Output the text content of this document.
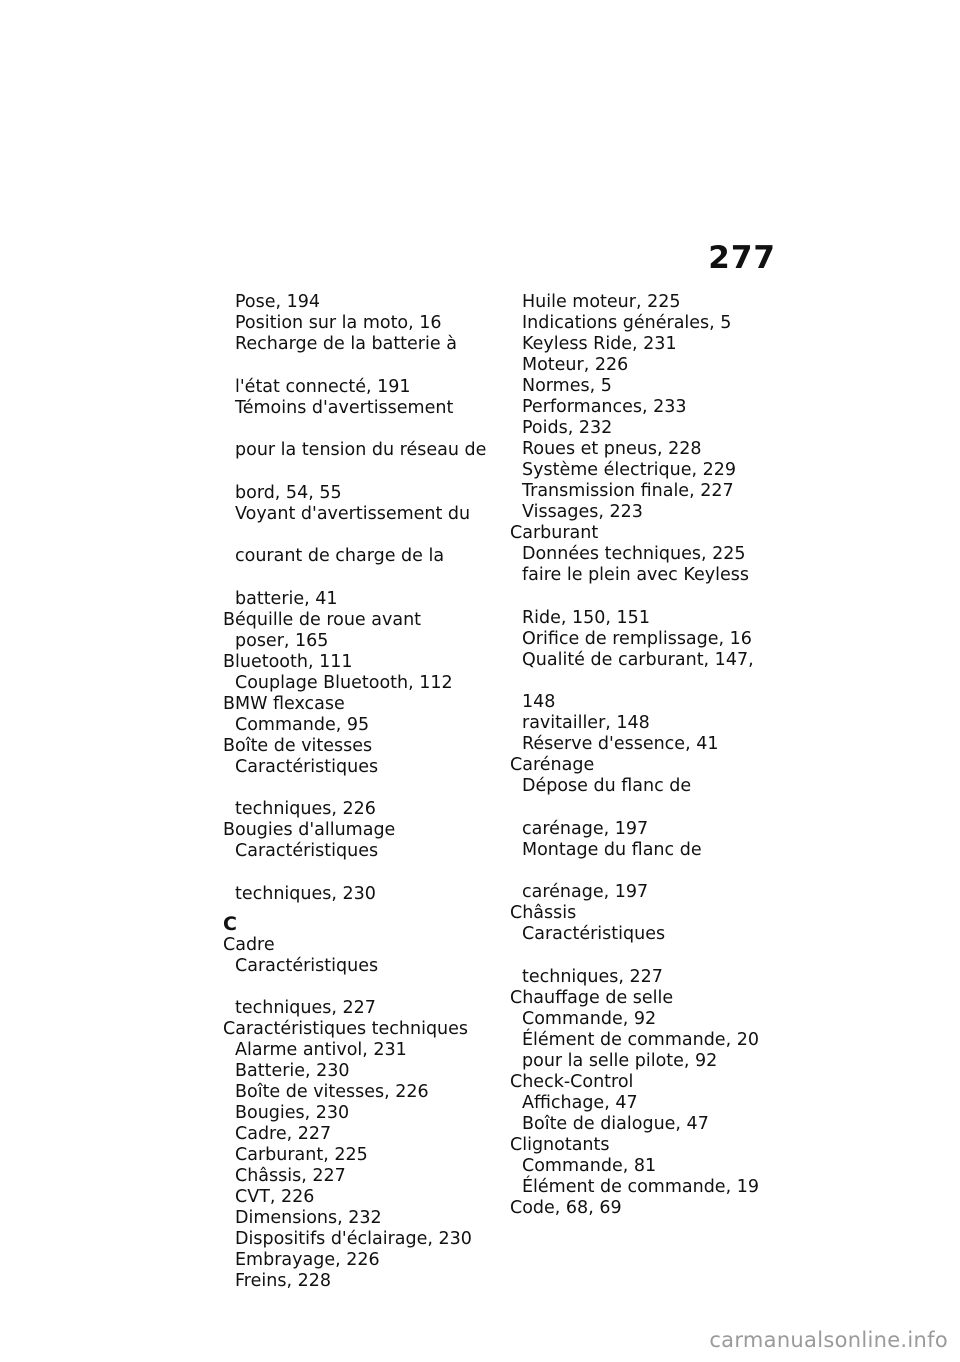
277
Pose, 194
Position sur la moto, 16
Recharge de la batterie à
l'état connecté, 191
Témoins d'avertissement
pour la tension du réseau de
bord, 54, 55
Voyant d'avertissement du
courant de charge de la
batterie, 41
Béquille de roue avant
poser, 165
Bluetooth, 111
Couplage Bluetooth, 112
BMW flexcase
Commande, 95
Boîte de vitesses
Caractéristiques
techniques, 226
Bougies d'allumage
Caractéristiques
techniques, 230
C
Cadre
Caractéristiques
techniques, 227
Caractéristiques techniques
Alarme antivol, 231
Batterie, 230
Boîte de vitesses, 226
Bougies, 230
Cadre, 227
Carburant, 225
Châssis, 227
CVT, 226
Dimensions, 232
Dispositifs d'éclairage, 230
Embrayage, 226
Freins, 228
Huile moteur, 225
Indications générales, 5
Keyless Ride, 231
Moteur, 226
Normes, 5
Performances, 233
Poids, 232
Roues et pneus, 228
Système électrique, 229
Transmission finale, 227
Vissages, 223
Carburant
Données techniques, 225
faire le plein avec Keyless
Ride, 150, 151
Orifice de remplissage, 16
Qualité de carburant, 147,
148
ravitailler, 148
Réserve d'essence, 41
Carénage
Dépose du flanc de
carénage, 197
Montage du flanc de
carénage, 197
Châssis
Caractéristiques
techniques, 227
Chauffage de selle
Commande, 92
Élément de commande, 20
pour la selle pilote, 92
Check-Control
Affichage, 47
Boîte de dialogue, 47
Clignotants
Commande, 81
Élément de commande, 19
Code, 68, 69
carmanualsonline.info
